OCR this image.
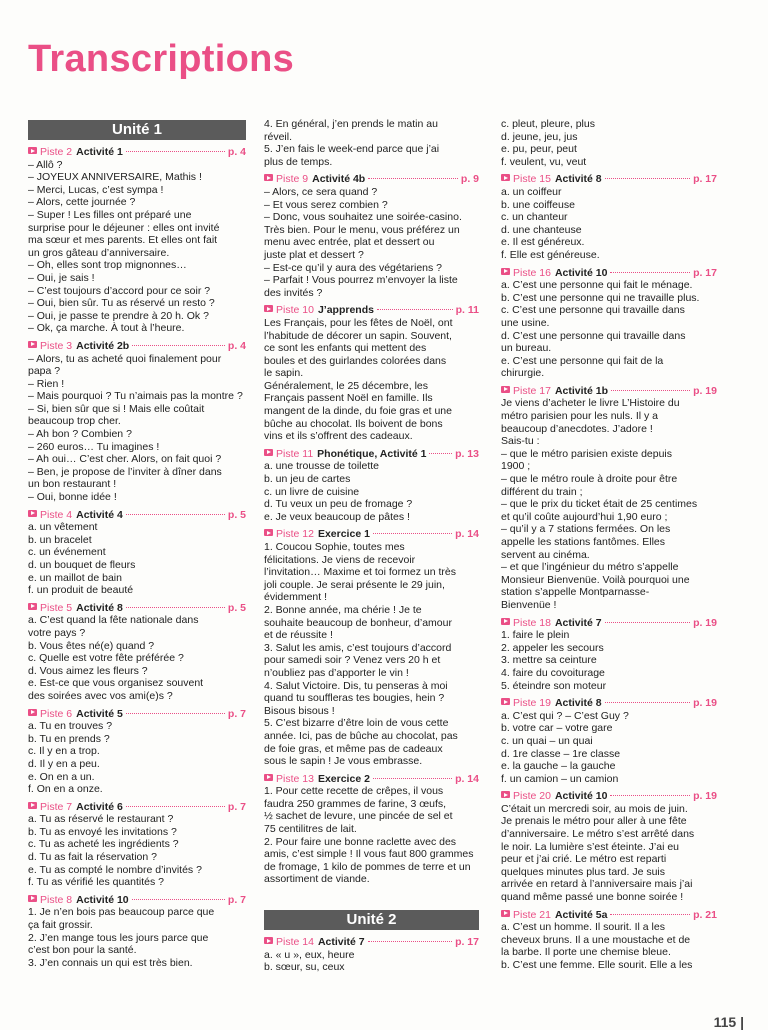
Transcriptions
Unité 1
Piste 2 Activité 1	p. 4
– Allô ?
– JOYEUX ANNIVERSAIRE, Mathis !
– Merci, Lucas, c’est sympa !
– Alors, cette journée ?
– Super ! Les filles ont préparé une
surprise pour le déjeuner : elles ont invité
ma sœur et mes parents. Et elles ont fait
un gros gâteau d’anniversaire.
– Oh, elles sont trop mignonnes…
– Oui, je sais !
– C’est toujours d’accord pour ce soir ?
– Oui, bien sûr. Tu as réservé un resto ?
– Oui, je passe te prendre à 20 h. Ok ?
– Ok, ça marche. À tout à l’heure.
Piste 3 Activité 2b	p. 4
– Alors, tu as acheté quoi finalement pour
papa ?
– Rien !
– Mais pourquoi ? Tu n’aimais pas la montre ?
– Si, bien sûr que si ! Mais elle coûtait
beaucoup trop cher.
– Ah bon ? Combien ?
– 260 euros… Tu imagines !
– Ah oui… C’est cher. Alors, on fait quoi ?
– Ben, je propose de l’inviter à dîner dans
un bon restaurant !
– Oui, bonne idée !
Piste 4 Activité 4	p. 5
a. un vêtement
b. un bracelet
c. un événement
d. un bouquet de fleurs
e. un maillot de bain
f. un produit de beauté
Piste 5 Activité 8	p. 5
a. C’est quand la fête nationale dans
votre pays ?
b. Vous êtes né(e) quand ?
c. Quelle est votre fête préférée ?
d. Vous aimez les fleurs ?
e. Est-ce que vous organisez souvent
des soirées avec vos ami(e)s ?
Piste 6 Activité 5	p. 7
a. Tu en trouves ?
b. Tu en prends ?
c. Il y en a trop.
d. Il y en a peu.
e. On en a un.
f. On en a onze.
Piste 7 Activité 6	p. 7
a. Tu as réservé le restaurant ?
b. Tu as envoyé les invitations ?
c. Tu as acheté les ingrédients ?
d. Tu as fait la réservation ?
e. Tu as compté le nombre d’invités ?
f. Tu as vérifié les quantités ?
Piste 8 Activité 10	p. 7
1. Je n’en bois pas beaucoup parce que
ça fait grossir.
2. J’en mange tous les jours parce que
c’est bon pour la santé.
3. J’en connais un qui est très bien.
4. En général, j’en prends le matin au
réveil.
5. J’en fais le week-end parce que j’ai
plus de temps.
Piste 9 Activité 4b	p. 9
– Alors, ce sera quand ?
– Et vous serez combien ?
– Donc, vous souhaitez une soirée-casino.
Très bien. Pour le menu, vous préférez un
menu avec entrée, plat et dessert ou
juste plat et dessert ?
– Est-ce qu’il y aura des végétariens ?
– Parfait ! Vous pourrez m’envoyer la liste
des invités ?
Piste 10 J’apprends	p. 11
Les Français, pour les fêtes de Noël, ont
l’habitude de décorer un sapin. Souvent,
ce sont les enfants qui mettent des
boules et des guirlandes colorées dans
le sapin.
Généralement, le 25 décembre, les
Français passent Noël en famille. Ils
mangent de la dinde, du foie gras et une
bûche au chocolat. Ils boivent de bons
vins et ils s’offrent des cadeaux.
Piste 11 Phonétique, Activité 1	p. 13
a. une trousse de toilette
b. un jeu de cartes
c. un livre de cuisine
d. Tu veux un peu de fromage ?
e. Je veux beaucoup de pâtes !
Piste 12 Exercice 1	p. 14
1. Coucou Sophie, toutes mes
félicitations. Je viens de recevoir
l’invitation… Maxime et toi formez un très
joli couple. Je serai présente le 29 juin,
évidemment !
2. Bonne année, ma chérie ! Je te
souhaite beaucoup de bonheur, d’amour
et de réussite !
3. Salut les amis, c’est toujours d’accord
pour samedi soir ? Venez vers 20 h et
n’oubliez pas d’apporter le vin !
4. Salut Victoire. Dis, tu penseras à moi
quand tu souffleras tes bougies, hein ?
Bisous bisous !
5. C’est bizarre d’être loin de vous cette
année. Ici, pas de bûche au chocolat, pas
de foie gras, et même pas de cadeaux
sous le sapin ! Je vous embrasse.
Piste 13 Exercice 2	p. 14
1. Pour cette recette de crêpes, il vous
faudra 250 grammes de farine, 3 œufs,
½ sachet de levure, une pincée de sel et
75 centilitres de lait.
2. Pour faire une bonne raclette avec des
amis, c’est simple ! Il vous faut 800 grammes
de fromage, 1 kilo de pommes de terre et un
assortiment de viande.
Unité 2
Piste 14 Activité 7	p. 17
a. « u », eux, heure
b. sœur, su, ceux
c. pleut, pleure, plus
d. jeune, jeu, jus
e. pu, peur, peut
f. veulent, vu, veut
Piste 15 Activité 8	p. 17
a. un coiffeur
b. une coiffeuse
c. un chanteur
d. une chanteuse
e. Il est généreux.
f. Elle est généreuse.
Piste 16 Activité 10	p. 17
a. C’est une personne qui fait le ménage.
b. C’est une personne qui ne travaille plus.
c. C’est une personne qui travaille dans
une usine.
d. C’est une personne qui travaille dans
un bureau.
e. C’est une personne qui fait de la
chirurgie.
Piste 17 Activité 1b	p. 19
Je viens d’acheter le livre L’Histoire du
métro parisien pour les nuls. Il y a
beaucoup d’anecdotes. J’adore !
Sais-tu :
– que le métro parisien existe depuis
1900 ;
– que le métro roule à droite pour être
différent du train ;
– que le prix du ticket était de 25 centimes
et qu’il coûte aujourd’hui 1,90 euro ;
– qu’il y a 7 stations fermées. On les
appelle les stations fantômes. Elles
servent au cinéma.
– et que l’ingénieur du métro s’appelle
Monsieur Bienvenüe. Voilà pourquoi une
station s’appelle Montparnasse-
Bienvenüe !
Piste 18 Activité 7	p. 19
1. faire le plein
2. appeler les secours
3. mettre sa ceinture
4. faire du covoiturage
5. éteindre son moteur
Piste 19 Activité 8	p. 19
a. C’est qui ? – C’est Guy ?
b. votre car – votre gare
c. un quai – un quai
d. 1re classe – 1re classe
e. la gauche – la gauche
f. un camion – un camion
Piste 20 Activité 10	p. 19
C’était un mercredi soir, au mois de juin.
Je prenais le métro pour aller à une fête
d’anniversaire. Le métro s’est arrêté dans
le noir. La lumière s’est éteinte. J’ai eu
peur et j’ai crié. Le métro est reparti
quelques minutes plus tard. Je suis
arrivée en retard à l’anniversaire mais j’ai
quand même passé une bonne soirée !
Piste 21 Activité 5a	p. 21
a. C’est un homme. Il sourit. Il a les
cheveux bruns. Il a une moustache et de
la barbe. Il porte une chemise bleue.
b. C’est une femme. Elle sourit. Elle a les
115 |
